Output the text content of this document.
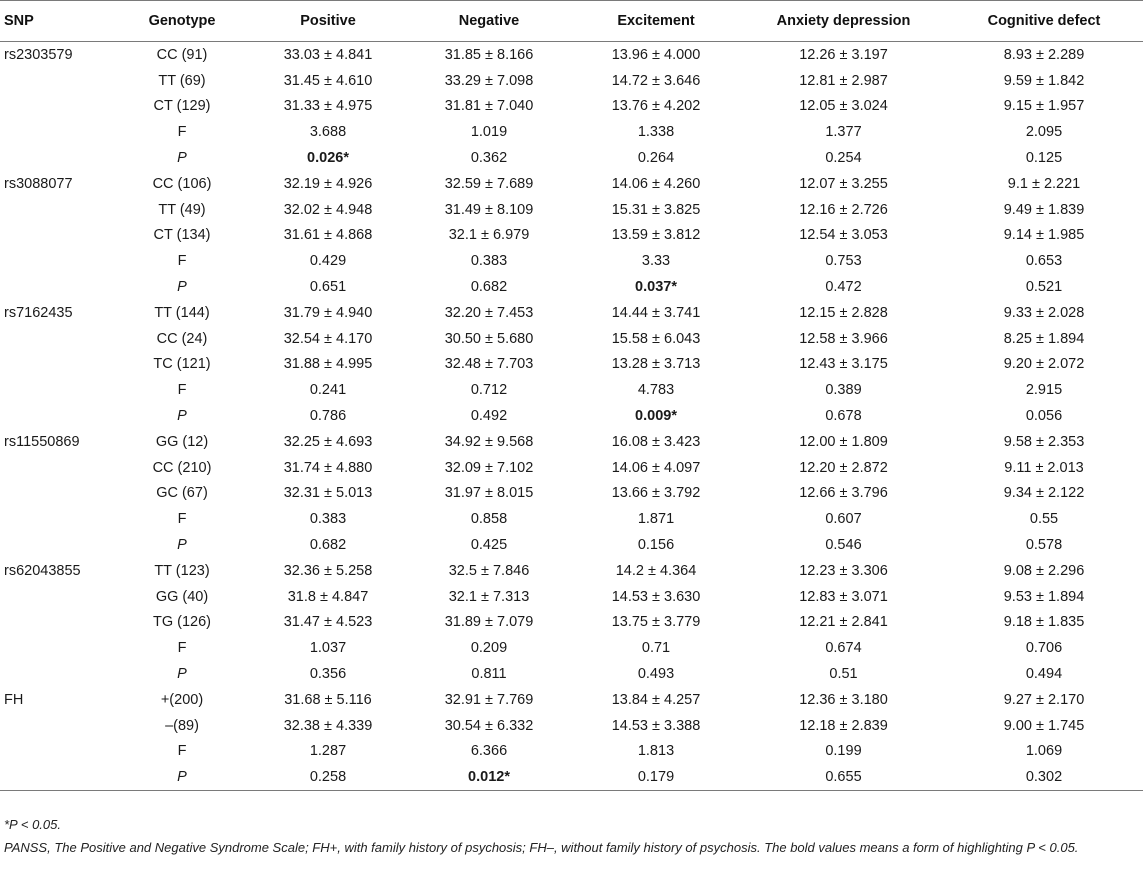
SNP	Genotype	Positive	Negative	Excitement	Anxiety depression	Cognitive defect
rs2303579	CC (91)	33.03 ± 4.841	31.85 ± 8.166	13.96 ± 4.000	12.26 ± 3.197	8.93 ± 2.289
	TT (69)	31.45 ± 4.610	33.29 ± 7.098	14.72 ± 3.646	12.81 ± 2.987	9.59 ± 1.842
	CT (129)	31.33 ± 4.975	31.81 ± 7.040	13.76 ± 4.202	12.05 ± 3.024	9.15 ± 1.957
	F	3.688	1.019	1.338	1.377	2.095
	P	0.026*	0.362	0.264	0.254	0.125
rs3088077	CC (106)	32.19 ± 4.926	32.59 ± 7.689	14.06 ± 4.260	12.07 ± 3.255	9.1 ± 2.221
	TT (49)	32.02 ± 4.948	31.49 ± 8.109	15.31 ± 3.825	12.16 ± 2.726	9.49 ± 1.839
	CT (134)	31.61 ± 4.868	32.1 ± 6.979	13.59 ± 3.812	12.54 ± 3.053	9.14 ± 1.985
	F	0.429	0.383	3.33	0.753	0.653
	P	0.651	0.682	0.037*	0.472	0.521
rs7162435	TT (144)	31.79 ± 4.940	32.20 ± 7.453	14.44 ± 3.741	12.15 ± 2.828	9.33 ± 2.028
	CC (24)	32.54 ± 4.170	30.50 ± 5.680	15.58 ± 6.043	12.58 ± 3.966	8.25 ± 1.894
	TC (121)	31.88 ± 4.995	32.48 ± 7.703	13.28 ± 3.713	12.43 ± 3.175	9.20 ± 2.072
	F	0.241	0.712	4.783	0.389	2.915
	P	0.786	0.492	0.009*	0.678	0.056
rs11550869	GG (12)	32.25 ± 4.693	34.92 ± 9.568	16.08 ± 3.423	12.00 ± 1.809	9.58 ± 2.353
	CC (210)	31.74 ± 4.880	32.09 ± 7.102	14.06 ± 4.097	12.20 ± 2.872	9.11 ± 2.013
	GC (67)	32.31 ± 5.013	31.97 ± 8.015	13.66 ± 3.792	12.66 ± 3.796	9.34 ± 2.122
	F	0.383	0.858	1.871	0.607	0.55
	P	0.682	0.425	0.156	0.546	0.578
rs62043855	TT (123)	32.36 ± 5.258	32.5 ± 7.846	14.2 ± 4.364	12.23 ± 3.306	9.08 ± 2.296
	GG (40)	31.8 ± 4.847	32.1 ± 7.313	14.53 ± 3.630	12.83 ± 3.071	9.53 ± 1.894
	TG (126)	31.47 ± 4.523	31.89 ± 7.079	13.75 ± 3.779	12.21 ± 2.841	9.18 ± 1.835
	F	1.037	0.209	0.71	0.674	0.706
	P	0.356	0.811	0.493	0.51	0.494
FH	+(200)	31.68 ± 5.116	32.91 ± 7.769	13.84 ± 4.257	12.36 ± 3.180	9.27 ± 2.170
	–(89)	32.38 ± 4.339	30.54 ± 6.332	14.53 ± 3.388	12.18 ± 2.839	9.00 ± 1.745
	F	1.287	6.366	1.813	0.199	1.069
	P	0.258	0.012*	0.179	0.655	0.302

*P < 0.05.

PANSS, The Positive and Negative Syndrome Scale; FH+, with family history of psychosis; FH–, without family history of psychosis. The bold values means a form of highlighting P < 0.05.
